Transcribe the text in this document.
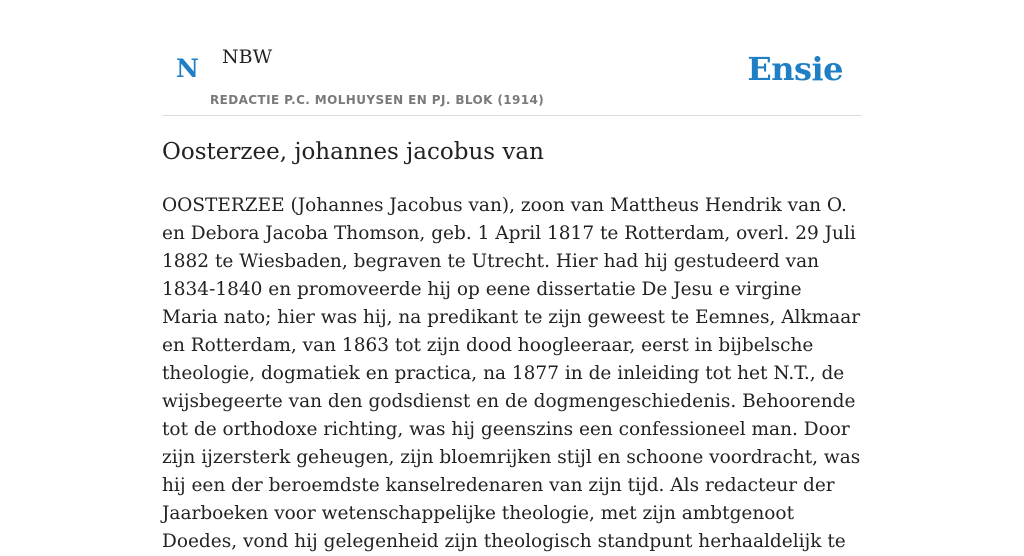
N NBW
REDACTIE P.C. MOLHUYSEN EN PJ. BLOK (1914)
Ensie
Oosterzee, johannes jacobus van

OOSTERZEE (Johannes Jacobus van), zoon van Mattheus Hendrik van O. en Debora Jacoba Thomson, geb. 1 April 1817 te Rotterdam, overl. 29 Juli 1882 te Wiesbaden, begraven te Utrecht. Hier had hij gestudeerd van 1834-1840 en promoveerde hij op eene dissertatie De Jesu e virgine Maria nato; hier was hij, na predikant te zijn geweest te Eemnes, Alkmaar en Rotterdam, van 1863 tot zijn dood hoogleeraar, eerst in bijbelsche theologie, dogmatiek en practica, na 1877 in de inleiding tot het N.T., de wijsbegeerte van den godsdienst en de dogmengeschiedenis. Behoorende tot de orthodoxe richting, was hij geenszins een confessioneel man. Door zijn ijzersterk geheugen, zijn bloemrijken stijl en schoone voordracht, was hij een der beroemdste kanselredenaren van zijn tijd. Als redacteur der Jaarboeken voor wetenschappelijke theologie, met zijn ambtgenoot Doedes, vond hij gelegenheid zijn theologisch standpunt herhaaldelijk te
